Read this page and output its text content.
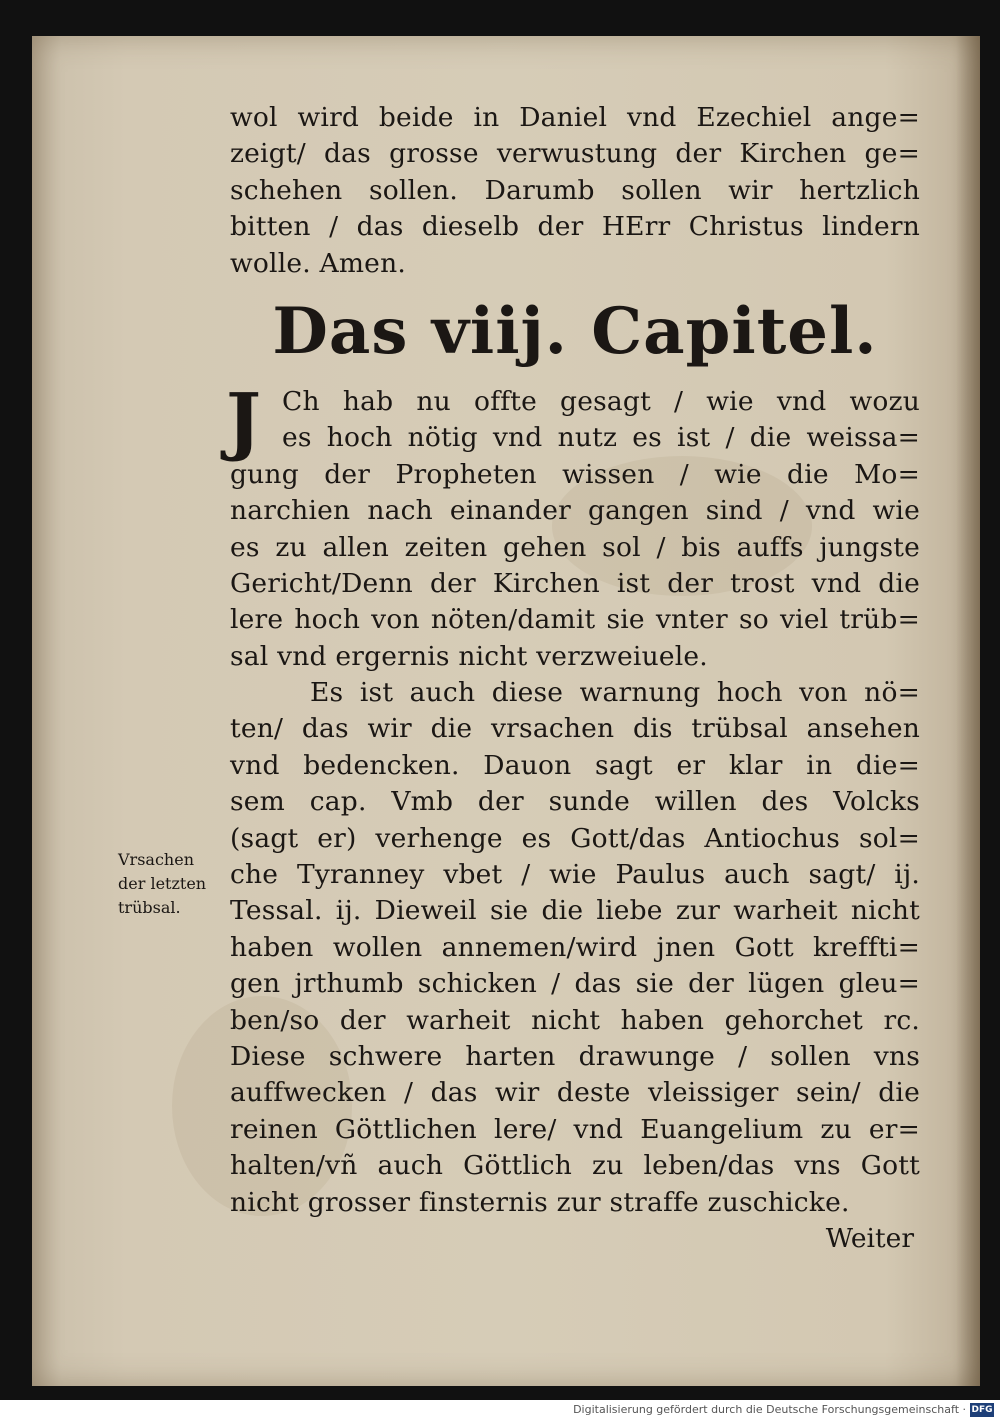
wol wird beide in Daniel vnd Ezechiel ange=
zeigt/ das grosse verwustung der Kirchen ge=
schehen sollen. Darumb sollen wir hertzlich
bitten / das dieselb der HErr Christus lindern
wolle. Amen.
Das viij. Capitel.
J Ch hab nu offte gesagt / wie vnd wozu
es hoch nötig vnd nutz es ist / die weissa=
gung der Propheten wissen / wie die Mo=
narchien nach einander gangen sind / vnd wie
es zu allen zeiten gehen sol / bis auffs jungste
Gericht/Denn der Kirchen ist der trost vnd die
lere hoch von nöten/damit sie vnter so viel trüb=
sal vnd ergernis nicht verzweiuele.
Es ist auch diese warnung hoch von nö=
ten/ das wir die vrsachen dis trübsal ansehen
vnd bedencken. Dauon sagt er klar in die=
sem cap. Vmb der sunde willen des Volcks
(sagt er) verhenge es Gott/das Antiochus sol=
che Tyranney vbet / wie Paulus auch sagt/ ij.
Tessal. ij. Dieweil sie die liebe zur warheit nicht
haben wollen annemen/wird jnen Gott kreffti=
gen jrthumb schicken / das sie der lügen gleu=
ben/so der warheit nicht haben gehorchet rc.
Diese schwere harten drawunge / sollen vns
auffwecken / das wir deste vleissiger sein/ die
reinen Göttlichen lere/ vnd Euangelium zu er=
halten/vñ auch Göttlich zu leben/das vns Gott
nicht grosser finsternis zur straffe zuschicke.
Weiter
Vrsachen
der letzten
trübsal.
Digitalisierung gefördert durch die Deutsche Forschungsgemeinschaft · DFG
